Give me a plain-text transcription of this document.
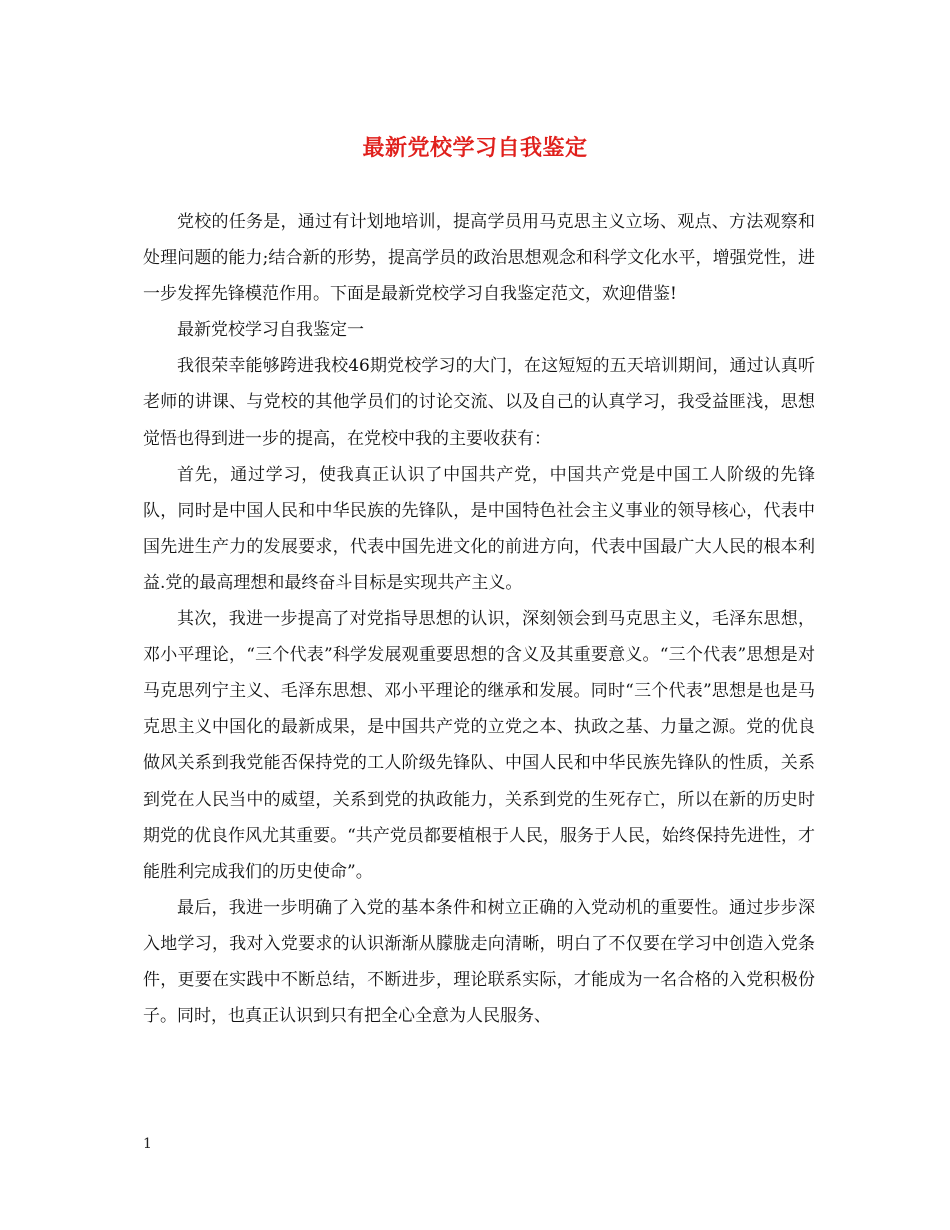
最新党校学习自我鉴定

党校的任务是，通过有计划地培训，提高学员用马克思主义立场、观点、方法观察和处理问题的能力;结合新的形势，提高学员的政治思想观念和科学文化水平，增强党性，进一步发挥先锋模范作用。下面是最新党校学习自我鉴定范文，欢迎借鉴!

最新党校学习自我鉴定一

我很荣幸能够跨进我校46期党校学习的大门，在这短短的五天培训期间，通过认真听老师的讲课、与党校的其他学员们的讨论交流、以及自己的认真学习，我受益匪浅，思想觉悟也得到进一步的提高，在党校中我的主要收获有：

首先，通过学习，使我真正认识了中国共产党，中国共产党是中国工人阶级的先锋队，同时是中国人民和中华民族的先锋队，是中国特色社会主义事业的领导核心，代表中国先进生产力的发展要求，代表中国先进文化的前进方向，代表中国最广大人民的根本利益.党的最高理想和最终奋斗目标是实现共产主义。

其次，我进一步提高了对党指导思想的认识，深刻领会到马克思主义，毛泽东思想，邓小平理论，“三个代表”科学发展观重要思想的含义及其重要意义。“三个代表”思想是对马克思列宁主义、毛泽东思想、邓小平理论的继承和发展。同时“三个代表”思想是也是马克思主义中国化的最新成果，是中国共产党的立党之本、执政之基、力量之源。党的优良做风关系到我党能否保持党的工人阶级先锋队、中国人民和中华民族先锋队的性质，关系到党在人民当中的威望，关系到党的执政能力，关系到党的生死存亡，所以在新的历史时期党的优良作风尤其重要。“共产党员都要植根于人民，服务于人民，始终保持先进性，才能胜利完成我们的历史使命”。

最后，我进一步明确了入党的基本条件和树立正确的入党动机的重要性。通过步步深入地学习，我对入党要求的认识渐渐从朦胧走向清晰，明白了不仅要在学习中创造入党条件，更要在实践中不断总结，不断进步，理论联系实际，才能成为一名合格的入党积极份子。同时，也真正认识到只有把全心全意为人民服务、

1
